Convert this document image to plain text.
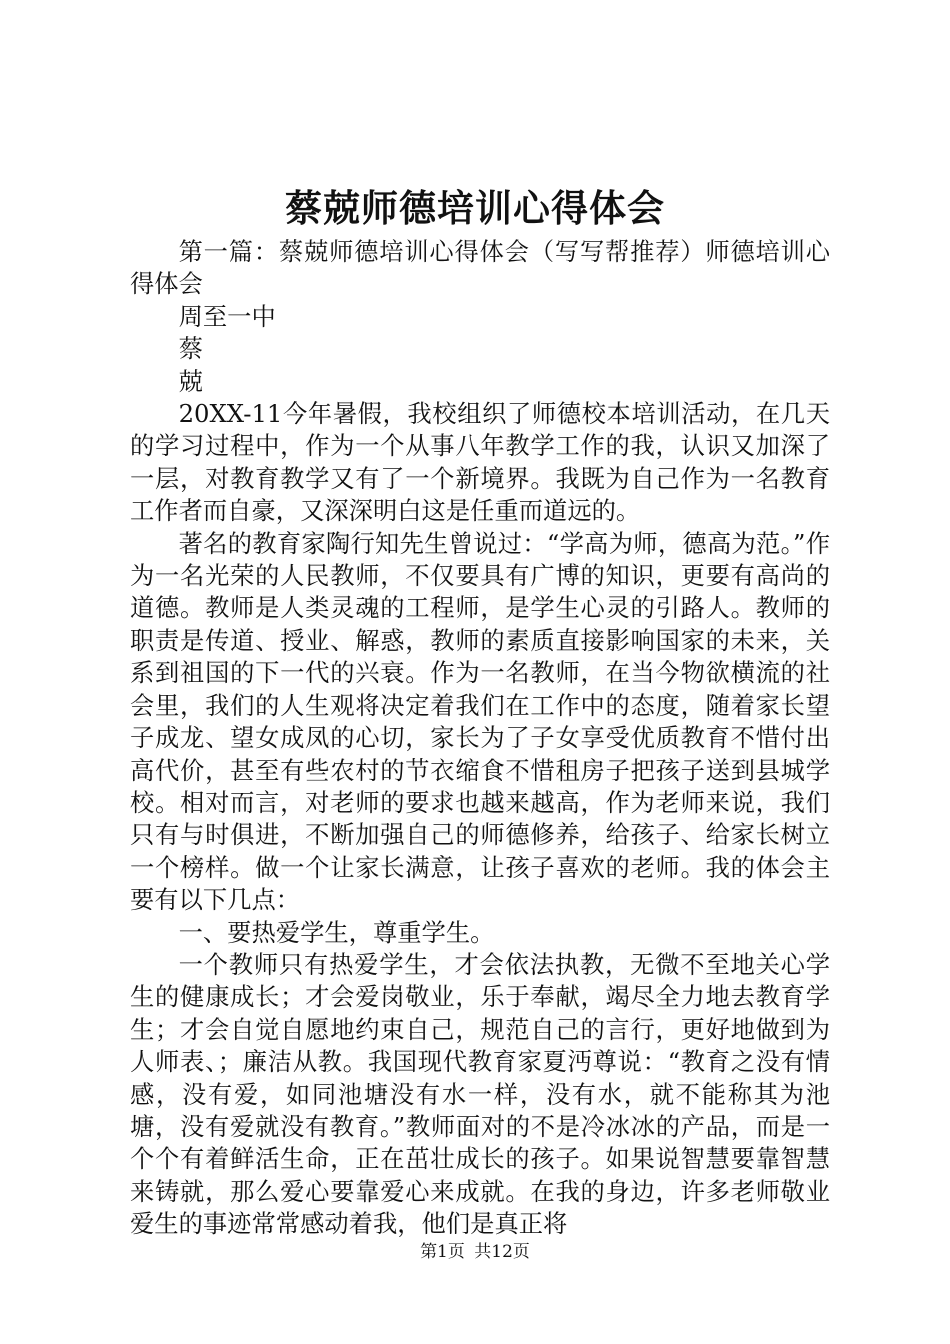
蔡兢师德培训心得体会

第一篇：蔡兢师德培训心得体会（写写帮推荐）师德培训心得体会

周至一中

蔡

兢

20XX-11今年暑假，我校组织了师德校本培训活动，在几天的学习过程中，作为一个从事八年教学工作的我，认识又加深了一层，对教育教学又有了一个新境界。我既为自己作为一名教育工作者而自豪，又深深明白这是任重而道远的。

著名的教育家陶行知先生曾说过：“学高为师，德高为范。”作为一名光荣的人民教师，不仅要具有广博的知识，更要有高尚的道德。教师是人类灵魂的工程师，是学生心灵的引路人。教师的职责是传道、授业、解惑，教师的素质直接影响国家的未来，关系到祖国的下一代的兴衰。作为一名教师，在当今物欲横流的社会里，我们的人生观将决定着我们在工作中的态度，随着家长望子成龙、望女成凤的心切，家长为了子女享受优质教育不惜付出高代价，甚至有些农村的节衣缩食不惜租房子把孩子送到县城学校。相对而言，对老师的要求也越来越高，作为老师来说，我们只有与时俱进，不断加强自己的师德修养，给孩子、给家长树立一个榜样。做一个让家长满意，让孩子喜欢的老师。我的体会主要有以下几点：

一、要热爱学生，尊重学生。

一个教师只有热爱学生，才会依法执教，无微不至地关心学生的健康成长；才会爱岗敬业，乐于奉献，竭尽全力地去教育学生；才会自觉自愿地约束自己，规范自己的言行，更好地做到为人师表、；廉洁从教。我国现代教育家夏沔尊说：“教育之没有情感，没有爱，如同池塘没有水一样，没有水，就不能称其为池塘，没有爱就没有教育。”教师面对的不是冷冰冰的产品，而是一个个有着鲜活生命，正在茁壮成长的孩子。如果说智慧要靠智慧来铸就，那么爱心要靠爱心来成就。在我的身边，许多老师敬业爱生的事迹常常感动着我，他们是真正将

第1页 共12页
